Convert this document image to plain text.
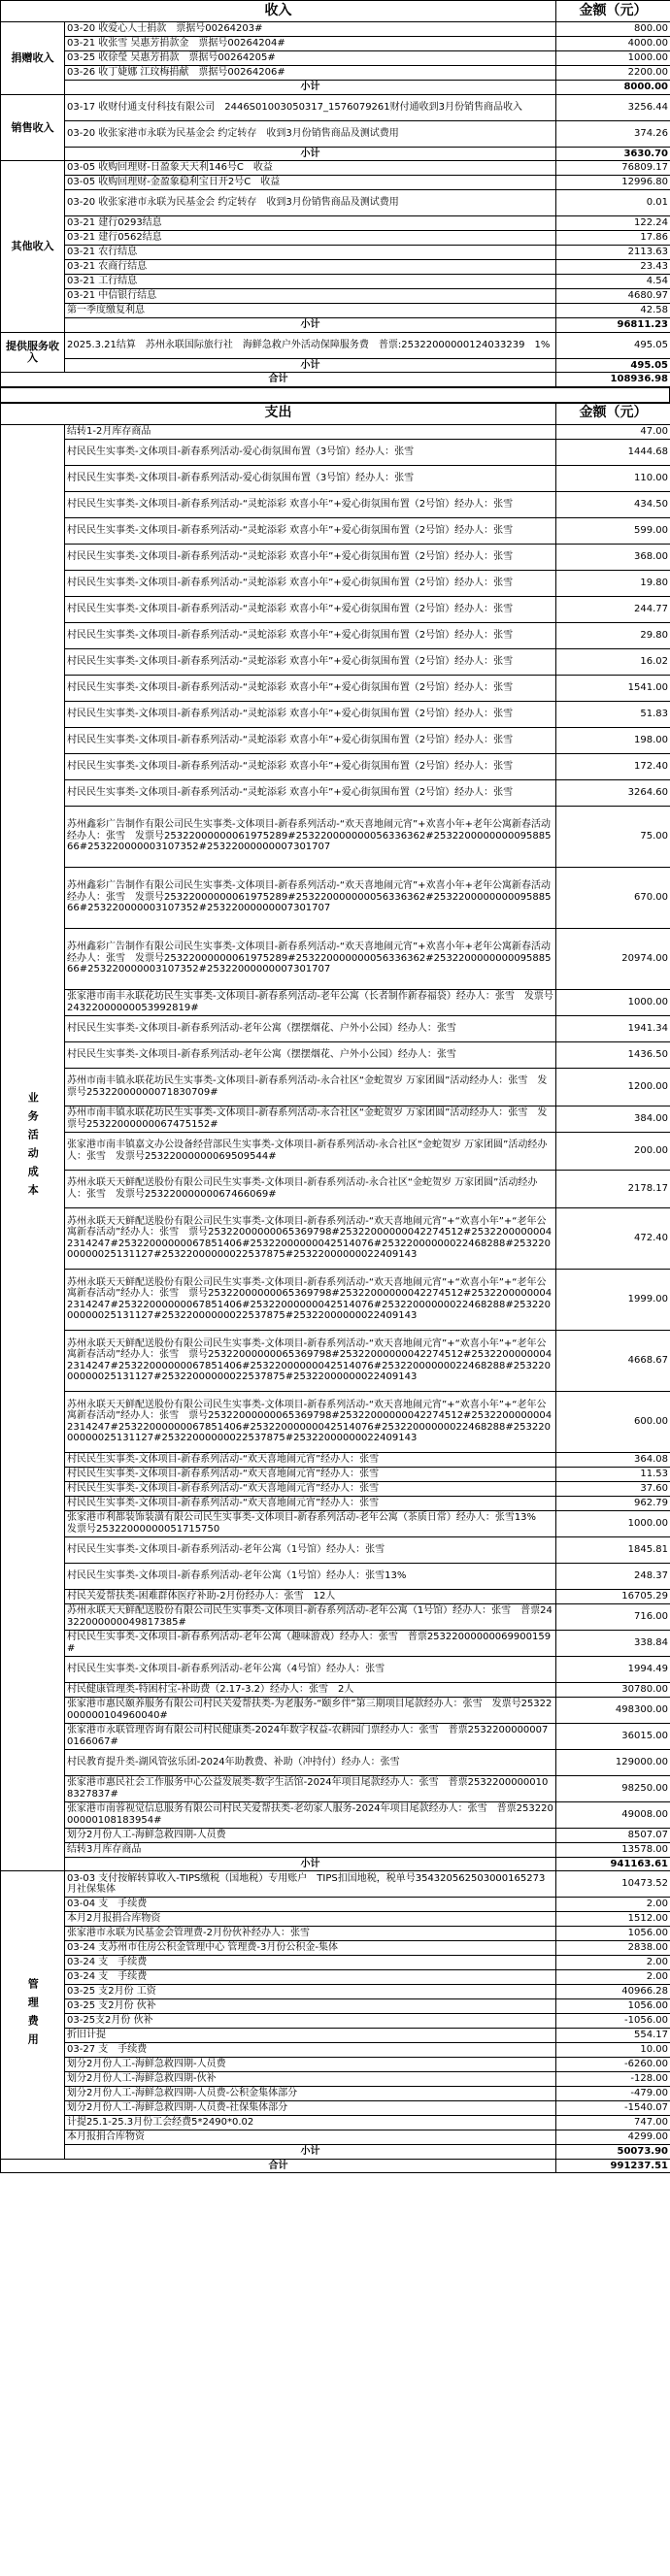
收入		金额（元）
捐赠收入	03-20 收爱心人士捐款　票据号00264203#	800.00
	03-21 收张雪 吴惠芳捐款金　票据号00264204#	4000.00
	03-25 收徐瑩 吴惠芳捐款　票据号00264205#	1000.00
	03-26 收丁婕娜 江玟梅捐献　票据号00264206#	2200.00
	小计	8000.00
销售收入	03-17 收财付通支付科技有限公司　2446S01003050317_1576079261财付通收到3月份销售商品收入	3256.44
	03-20 收张家港市永联为民基金会 约定转存　收到3月份销售商品及测试费用	374.26
	小计	3630.70
其他收入	03-05 收购回理财-日盈象天天利146号C　收益	76809.17
	03-05 收购回理财-金盈象稳利宝日开2号C　收益	12996.80
	03-20 收张家港市永联为民基金会 约定转存　收到3月份销售商品及测试费用	0.01
	03-21 建行0293结息	122.24
	03-21 建行0562结息	17.86
	03-21 农行结息	2113.63
	03-21 农商行结息	23.43
	03-21 工行结息	4.54
	03-21 中信银行结息	4680.97
	第一季度缴复利息	42.58
	小计	96811.23
提供服务收入	2025.3.21结算　苏州永联国际旅行社　海鲜急救户外活动保障服务费　普票:25322000000124033239　1%	495.05
	小计	495.05
合计		108936.98
支出		金额（元）
业务活动成本	结转1-2月库存商品	47.00
	村民民生实事类-文体项目-新春系列活动-爱心街氛围布置（3号馆）经办人：张雪	1444.68
	村民民生实事类-文体项目-新春系列活动-爱心街氛围布置（3号馆）经办人：张雪	110.00
	村民民生实事类-文体项目-新春系列活动-“灵蛇添彩 欢喜小年”+爱心街氛围布置（2号馆）经办人：张雪	434.50
	村民民生实事类-文体项目-新春系列活动-“灵蛇添彩 欢喜小年”+爱心街氛围布置（2号馆）经办人：张雪	599.00
	村民民生实事类-文体项目-新春系列活动-“灵蛇添彩 欢喜小年”+爱心街氛围布置（2号馆）经办人：张雪	368.00
	村民民生实事类-文体项目-新春系列活动-“灵蛇添彩 欢喜小年”+爱心街氛围布置（2号馆）经办人：张雪	19.80
	村民民生实事类-文体项目-新春系列活动-“灵蛇添彩 欢喜小年”+爱心街氛围布置（2号馆）经办人：张雪	244.77
	村民民生实事类-文体项目-新春系列活动-“灵蛇添彩 欢喜小年”+爱心街氛围布置（2号馆）经办人：张雪	29.80
	村民民生实事类-文体项目-新春系列活动-“灵蛇添彩 欢喜小年”+爱心街氛围布置（2号馆）经办人：张雪	16.02
	村民民生实事类-文体项目-新春系列活动-“灵蛇添彩 欢喜小年”+爱心街氛围布置（2号馆）经办人：张雪	1541.00
	村民民生实事类-文体项目-新春系列活动-“灵蛇添彩 欢喜小年”+爱心街氛围布置（2号馆）经办人：张雪	51.83
	村民民生实事类-文体项目-新春系列活动-“灵蛇添彩 欢喜小年”+爱心街氛围布置（2号馆）经办人：张雪	198.00
	村民民生实事类-文体项目-新春系列活动-“灵蛇添彩 欢喜小年”+爱心街氛围布置（2号馆）经办人：张雪	172.40
	村民民生实事类-文体项目-新春系列活动-“灵蛇添彩 欢喜小年”+爱心街氛围布置（2号馆）经办人：张雪	3264.60
	苏州鑫彩广告制作有限公司民生实事类-文体项目-新春系列活动-“欢天喜地闹元宵”+欢喜小年+老年公寓新春活动经办人：张雪　发票号25322000000061975289#253220000000056336362#253220000000009588566#253220000003107352#25322000000007301707	75.00
	苏州鑫彩广告制作有限公司民生实事类-文体项目-新春系列活动-“欢天喜地闹元宵”+欢喜小年+老年公寓新春活动经办人：张雪　发票号25322000000061975289#253220000000056336362#253220000000009588566#253220000003107352#25322000000007301707	670.00
	苏州鑫彩广告制作有限公司民生实事类-文体项目-新春系列活动-“欢天喜地闹元宵”+欢喜小年+老年公寓新春活动经办人：张雪　发票号25322000000061975289#253220000000056336362#253220000000009588566#253220000003107352#25322000000007301707	20974.00
	张家港市南丰永联花坊民生实事类-文体项目-新春系列活动-老年公寓（长者制作新春福袋）经办人：张雪　发票号24322000000053992819#	1000.00
	村民民生实事类-文体项目-新春系列活动-老年公寓（摆摆烟花、户外小公园）经办人：张雪	1941.34
	村民民生实事类-文体项目-新春系列活动-老年公寓（摆摆烟花、户外小公园）经办人：张雪	1436.50
	苏州市南丰镇永联花坊民生实事类-文体项目-新春系列活动-永合社区“金蛇贺岁 万家团圆”活动经办人：张雪　发票号25322000000071830709#	1200.00
	苏州市南丰镇永联花坊民生实事类-文体项目-新春系列活动-永合社区“金蛇贺岁 万家团圆”活动经办人：张雪　发票号25322000000067475152#	384.00
	张家港市南丰镇嘉文办公设备经营部民生实事类-文体项目-新春系列活动-永合社区“金蛇贺岁 万家团圆”活动经办人：张雪　发票号25322000000069509544#	200.00
	苏州永联天天鲜配送股份有限公司民生实事类-文体项目-新春系列活动-永合社区“金蛇贺岁 万家团圆”活动经办人：张雪　发票号25322000000067466069#	2178.17
	苏州永联天天鲜配送股份有限公司民生实事类-文体项目-新春系列活动-“欢天喜地闹元宵”+“欢喜小年”+“老年公寓新春活动”经办人：张雪　票号25322000000065369798#25322000000042274512#25322000000042314247#25322000000067851406#25322000000042514076#25322000000022468288#25322000000025131127#25322000000022537875#25322000000022409143	472.40
	苏州永联天天鲜配送股份有限公司民生实事类-文体项目-新春系列活动-“欢天喜地闹元宵”+“欢喜小年”+“老年公寓新春活动”经办人：张雪　票号25322000000065369798#25322000000042274512#25322000000042314247#25322000000067851406#25322000000042514076#25322000000022468288#25322000000025131127#25322000000022537875#25322000000022409143	1999.00
	苏州永联天天鲜配送股份有限公司民生实事类-文体项目-新春系列活动-“欢天喜地闹元宵”+“欢喜小年”+“老年公寓新春活动”经办人：张雪　票号25322000000065369798#25322000000042274512#25322000000042314247#25322000000067851406#25322000000042514076#25322000000022468288#25322000000025131127#25322000000022537875#25322000000022409143	4668.67
	苏州永联天天鲜配送股份有限公司民生实事类-文体项目-新春系列活动-“欢天喜地闹元宵”+“欢喜小年”+“老年公寓新春活动”经办人：张雪　票号25322000000065369798#25322000000042274512#25322000000042314247#25322000000067851406#25322000000042514076#25322000000022468288#25322000000025131127#25322000000022537875#25322000000022409143	600.00
	村民民生实事类-文体项目-新春系列活动-“欢天喜地闹元宵”经办人：张雪	364.08
	村民民生实事类-文体项目-新春系列活动-“欢天喜地闹元宵”经办人：张雪	11.53
	村民民生实事类-文体项目-新春系列活动-“欢天喜地闹元宵”经办人：张雪	37.60
	村民民生实事类-文体项目-新春系列活动-“欢天喜地闹元宵”经办人：张雪	962.79
	张家港市利都装饰装潢有限公司民生实事类-文体项目-新春系列活动-老年公寓（茶质日常）经办人：张雪13%　发票号25322000000051715750	1000.00
	村民民生实事类-文体项目-新春系列活动-老年公寓（1号馆）经办人：张雪	1845.81
	村民民生实事类-文体项目-新春系列活动-老年公寓（1号馆）经办人：张雪13%	248.37
	村民关爱帮扶类-困难群体医疗补助-2月份经办人：张雪　12人	16705.29
	苏州永联天天鲜配送股份有限公司民生实事类-文体项目-新春系列活动-老年公寓（1号馆）经办人：张雪　普票24322000000049817385#	716.00
	村民民生实事类-文体项目-新春系列活动-老年公寓（趣味游戏）经办人：张雪　普票25322000000069900159#	338.84
	村民民生实事类-文体项目-新春系列活动-老年公寓（4号馆）经办人：张雪	1994.49
	村民健康管理类-特困村宝-补助费（2.17-3.2）经办人：张雪　2人	30780.00
	张家港市惠民颐养服务有限公司村民关爱帮扶类-为老服务-“颐乡伴”第三期项目尾款经办人：张雪　发票号25322000000104960040#	498300.00
	张家港市永联管理咨询有限公司村民健康类-2024年数字权益-农耕园门票经办人：张雪　普票25322000000070166067#	36015.00
	村民教育提升类-湖风管弦乐团-2024年助教费、补助（冲持付）经办人：张雪	129000.00
	张家港市惠民社会工作服务中心公益发展类-数字生活馆-2024年项目尾款经办人：张雪　普票25322000000108327837#	98250.00
	张家港市南蓉视觉信息服务有限公司村民关爱帮扶类-老幼家人服务-2024年项目尾款经办人：张雪　普票25322000000108183954#	49008.00
	划分2月份人工-海鲜急救四期-人员费	8507.07
	结转3月库存商品	13578.00
	小计	941163.61
管理费用	03-03 支付按解转算收入-TIPS缴税（国地税）专用账户　TIPS扣国地税，税单号354320562503000165273月社保集体	10473.52
	03-04 支　手续费	2.00
	本月2月报捐合库物资	1512.00
	张家港市永联为民基金会管理费-2月份伙补经办人：张雪	1056.00
	03-24 支苏州市住房公积金管理中心 管理费-3月份公积金-集体	2838.00
	03-24 支　手续费	2.00
	03-24 支　手续费	2.00
	03-25 支2月份 工资	40966.28
	03-25 支2月份 伙补	1056.00
	03-25支2月份 伙补	-1056.00
	折旧计提	554.17
	03-27 支　手续费	10.00
	划分2月份人工-海鲜急救四期-人员费	-6260.00
	划分2月份人工-海鲜急救四期-伙补	-128.00
	划分2月份人工-海鲜急救四期-人员费-公积金集体部分	-479.00
	划分2月份人工-海鲜急救四期-人员费-社保集体部分	-1540.07
	计提25.1-25.3月份工会经费5*2490*0.02	747.00
	本月报捐合库物资	4299.00
	小计	50073.90
合计		991237.51
